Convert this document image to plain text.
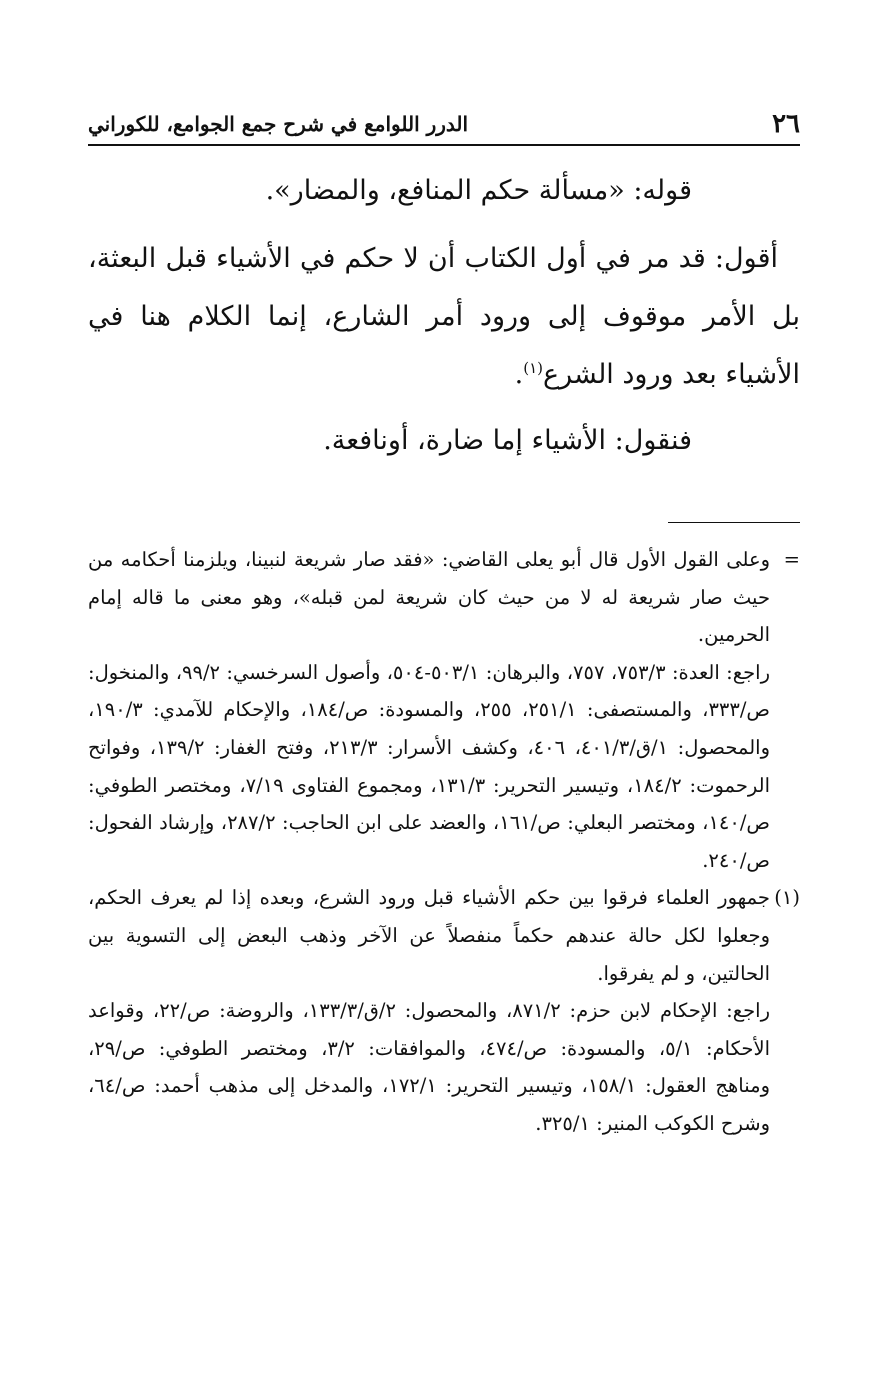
٢٦
الدرر اللوامع في شرح جمع الجوامع، للكوراني

قوله: «مسألة حكم المنافع، والمضار».

أقول: قد مر في أول الكتاب أن لا حكم في الأشياء قبل البعثة، بل الأمر موقوف إلى ورود أمر الشارع، إنما الكلام هنا في الأشياء بعد ورود الشرع$^{(١)}$.

فنقول: الأشياء إما ضارة، أونافعة.

=

وعلى القول الأول قال أبو يعلى القاضي: «فقد صار شريعة لنبينا، ويلزمنا أحكامه من حيث صار شريعة له لا من حيث كان شريعة لمن قبله»، وهو معنى ما قاله إمام الحرمين.

راجع: العدة: ٧٥٣/٣، ٧٥٧، والبرهان: ٥٠٣/١-٥٠٤، وأصول السرخسي: ٩٩/٢، والمنخول: ص/٣٣٣، والمستصفى: ٢٥١/١، ٢٥٥، والمسودة: ص/١٨٤، والإحكام للآمدي: ١٩٠/٣، والمحصول: ١/ق/٤٠١/٣، ٤٠٦، وكشف الأسرار: ٢١٣/٣، وفتح الغفار: ١٣٩/٢، وفواتح الرحموت: ١٨٤/٢، وتيسير التحرير: ١٣١/٣، ومجموع الفتاوى ٧/١٩، ومختصر الطوفي: ص/١٤٠، ومختصر البعلي: ص/١٦١، والعضد على ابن الحاجب: ٢٨٧/٢، وإرشاد الفحول: ص/٢٤٠.

(١)

جمهور العلماء فرقوا بين حكم الأشياء قبل ورود الشرع، وبعده إذا لم يعرف الحكم، وجعلوا لكل حالة عندهم حكماً منفصلاً عن الآخر وذهب البعض إلى التسوية بين الحالتين، و لم يفرقوا.

راجع: الإحكام لابن حزم: ٨٧١/٢، والمحصول: ٢/ق/١٣٣/٣، والروضة: ص/٢٢، وقواعد الأحكام: ٥/١، والمسودة: ص/٤٧٤، والموافقات: ٣/٢، ومختصر الطوفي: ص/٢٩، ومناهج العقول: ١٥٨/١، وتيسير التحرير: ١٧٢/١، والمدخل إلى مذهب أحمد: ص/٦٤، وشرح الكوكب المنير: ٣٢٥/١.
